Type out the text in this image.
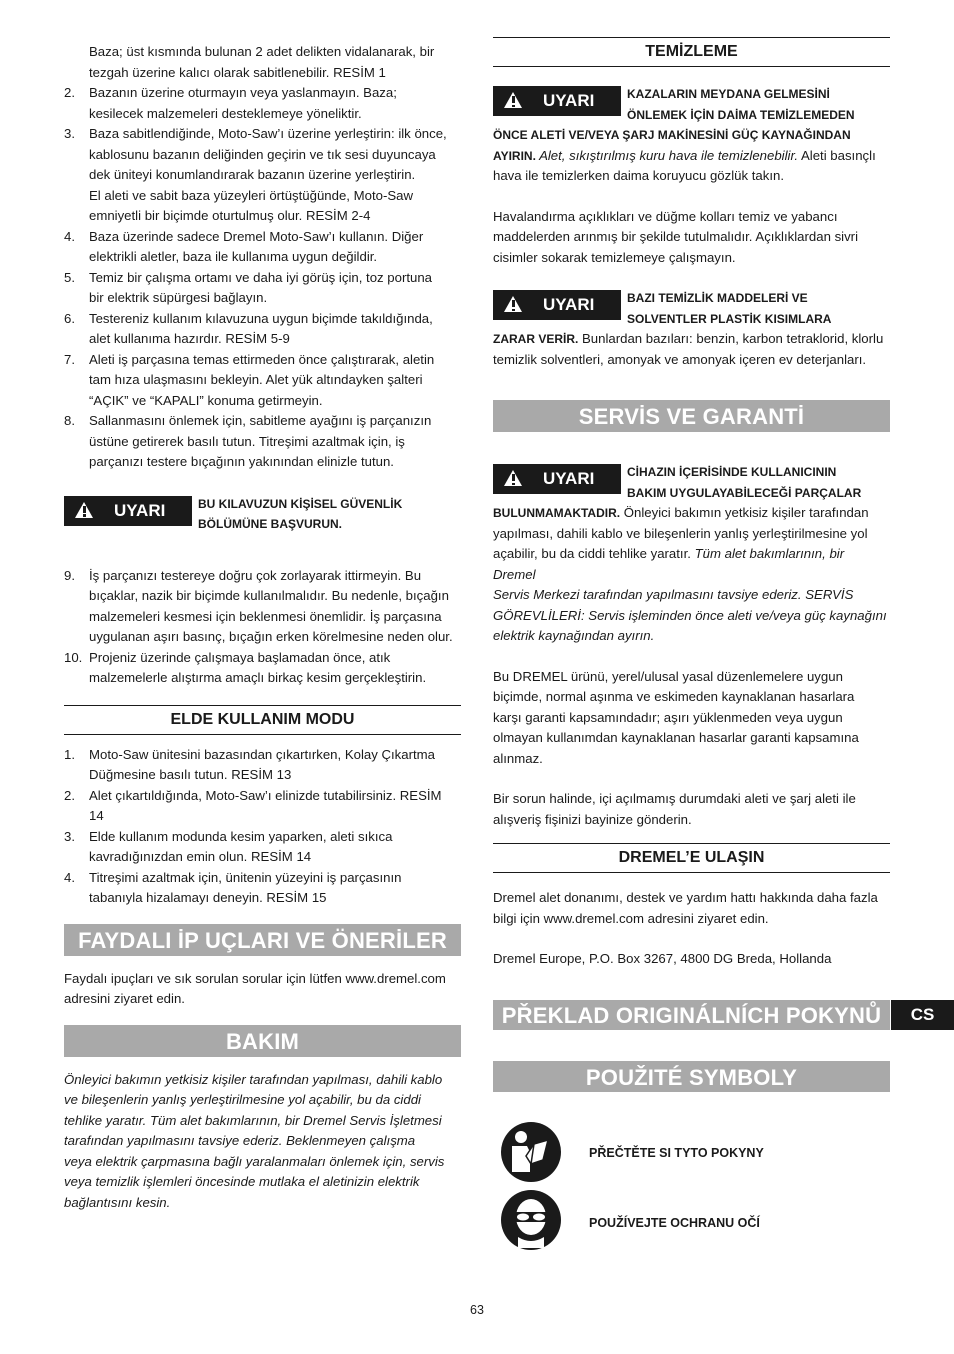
Baza; üst kısmında bulunan 2 adet delikten vidalanarak, bir

tezgah üzerine kalıcı olarak sabitlenebilir. RESİM 1

2. Bazanın üzerine oturmayın veya yaslanmayın. Baza;

kesilecek malzemeleri desteklemeye yöneliktir.

3. Baza sabitlendiğinde, Moto-Saw’ı üzerine yerleştirin: ilk önce,

kablosunu bazanın deliğinden geçirin ve tık sesi duyuncaya

dek üniteyi konumlandırarak bazanın üzerine yerleştirin.

El aleti ve sabit baza yüzeyleri örtüştüğünde, Moto-Saw

emniyetli bir biçimde oturtulmuş olur. RESİM 2-4

4. Baza üzerinde sadece Dremel Moto-Saw’ı kullanın. Diğer

elektrikli aletler, baza ile kullanıma uygun değildir.

5. Temiz bir çalışma ortamı ve daha iyi görüş için, toz portuna

bir elektrik süpürgesi bağlayın.

6. Testereniz kullanım kılavuzuna uygun biçimde takıldığında,

alet kullanıma hazırdır. RESİM 5-9

7. Aleti iş parçasına temas ettirmeden önce çalıştırarak, aletin

tam hıza ulaşmasını bekleyin. Alet yük altındayken şalteri

“AÇIK” ve “KAPALI” konuma getirmeyin.

8. Sallanmasını önlemek için, sabitleme ayağını iş parçanızın

üstüne getirerek basılı tutun. Titreşimi azaltmak için, iş

parçanızı testere bıçağının yakınından elinizle tutun.

UYARI	BU KILAVUZUN KİŞİSEL GÜVENLİK

BÖLÜMÜNE BAŞVURUN.

9. İş parçanızı testereye doğru çok zorlayarak ittirmeyin. Bu

bıçaklar, nazik bir biçimde kullanılmalıdır. Bu nedenle, bıçağın

malzemeleri kesmesi için beklenmesi önemlidir. İş parçasına

uygulanan aşırı basınç, bıçağın erken körelmesine neden olur.

10. Projeniz üzerinde çalışmaya başlamadan önce, atık

malzemelerle alıştırma amaçlı birkaç kesim gerçekleştirin.

ELDE KULLANIM MODU
1. Moto-Saw ünitesini bazasından çıkartırken, Kolay Çıkartma

Düğmesine basılı tutun. RESİM 13

2. Alet çıkartıldığında, Moto-Saw’ı elinizde tutabilirsiniz. RESİM

14

3. Elde kullanım modunda kesim yaparken, aleti sıkıca

kavradığınızdan emin olun. RESİM 14

4. Titreşimi azaltmak için, ünitenin yüzeyini iş parçasının

tabanıyla hizalamayı deneyin. RESİM 15

FAYDALI İP UÇLARI VE ÖNERİLER

Faydalı ipuçları ve sık sorulan sorular için lütfen www.dremel.com

adresini ziyaret edin.

BAKIM

Önleyici bakımın yetkisiz kişiler tarafından yapılması, dahili kablo

ve bileşenlerin yanlış yerleştirilmesine yol açabilir, bu da ciddi

tehlike yaratır. Tüm alet bakımlarının, bir Dremel Servis İşletmesi

tarafından yapılmasını tavsiye ederiz. Beklenmeyen çalışma

veya elektrik çarpmasına bağlı yaralanmaları önlemek için, servis

veya temizlik işlemleri öncesinde mutlaka el aletinizin elektrik

bağlantısını kesin.

TEMİZLEME
UYARI	KAZALARIN MEYDANA GELMESİNİ

ÖNLEMEK İÇİN DAİMA TEMİZLEMEDEN

ÖNCE ALETİ VE/VEYA ŞARJ MAKİNESİNİ GÜÇ KAYNAĞINDAN

AYIRIN. Alet, sıkıştırılmış kuru hava ile temizlenebilir. Aleti basınçlı

hava ile temizlerken daima koruyucu gözlük takın.

Havalandırma açıklıkları ve düğme kolları temiz ve yabancı

maddelerden arınmış bir şekilde tutulmalıdır. Açıklıklardan sivri

cisimler sokarak temizlemeye çalışmayın.

UYARI	BAZI TEMİZLİK MADDELERİ VE

SOLVENTLER PLASTİK KISIMLARA

ZARAR VERİR. Bunlardan bazıları: benzin, karbon tetraklorid, klorlu

temizlik solventleri, amonyak ve amonyak içeren ev deterjanları.

SERVİS VE GARANTİ
UYARI	CİHAZIN İÇERİSİNDE KULLANICININ

BAKIM UYGULAYABİLECEĞİ PARÇALAR

BULUNMAMAKTADIR. Önleyici bakımın yetkisiz kişiler tarafından

yapılması, dahili kablo ve bileşenlerin yanlış yerleştirilmesine yol

açabilir, bu da ciddi tehlike yaratır. Tüm alet bakımlarının, bir Dremel

Servis Merkezi tarafından yapılmasını tavsiye ederiz. SERVİS

GÖREVLİLERİ: Servis işleminden önce aleti ve/veya güç kaynağını

elektrik kaynağından ayırın.

Bu DREMEL ürünü, yerel/ulusal yasal düzenlemelere uygun

biçimde, normal aşınma ve eskimeden kaynaklanan hasarlara

karşı garanti kapsamındadır; aşırı yüklenmeden veya uygun

olmayan kullanımdan kaynaklanan hasarlar garanti kapsamına

alınmaz.

Bir sorun halinde, içi açılmamış durumdaki aleti ve şarj aleti ile

alışveriş fişinizi bayinize gönderin.

DREMEL’E ULAŞIN

Dremel alet donanımı, destek ve yardım hattı hakkında daha fazla

bilgi için www.dremel.com adresini ziyaret edin.

Dremel Europe, P.O. Box 3267, 4800 DG Breda, Hollanda

PŘEKLAD ORIGINÁLNÍCH POKYNŮ	CS
POUŽITÉ SYMBOLY
PŘEČTĚTE SI TYTO POKYNY
POUŽÍVEJTE OCHRANU OČÍ
63
